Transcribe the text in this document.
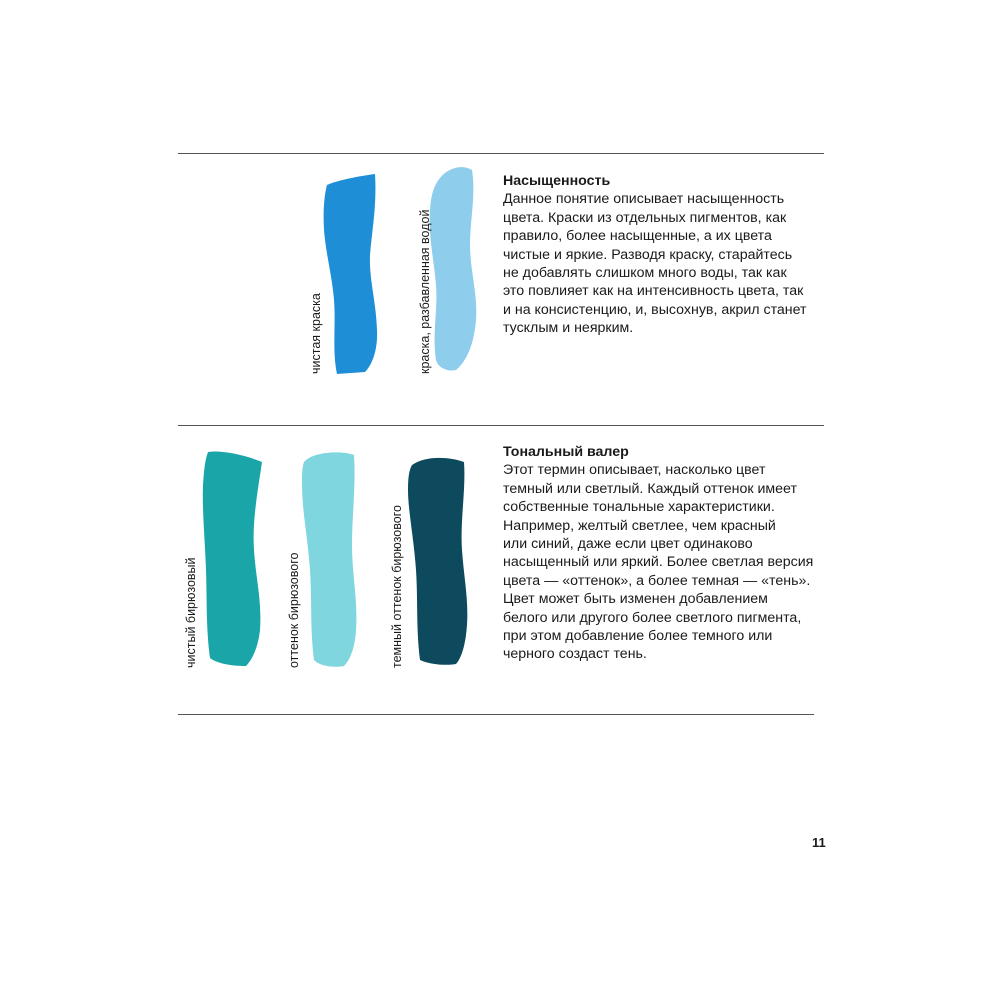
чистая краска	краска, разбавленная водой
чистый бирюзовый	оттенок бирюзового	темный оттенок бирюзового
Насыщенность

Данное понятие описывает насыщенность

цвета. Краски из отдельных пигментов, как

правило, более насыщенные, а их цвета

чистые и яркие. Разводя краску, старайтесь

не добавлять слишком много воды, так как

это повлияет как на интенсивность цвета, так

и на консистенцию, и, высохнув, акрил станет

тусклым и неярким.

Тональный валер

Этот термин описывает, насколько цвет

темный или светлый. Каждый оттенок имеет

собственные тональные характеристики.

Например, желтый светлее, чем красный

или синий, даже если цвет одинаково

насыщенный или яркий. Более светлая версия

цвета — «оттенок», а более темная — «тень».

Цвет может быть изменен добавлением

белого или другого более светлого пигмента,

при этом добавление более темного или

черного создаст тень.

11
